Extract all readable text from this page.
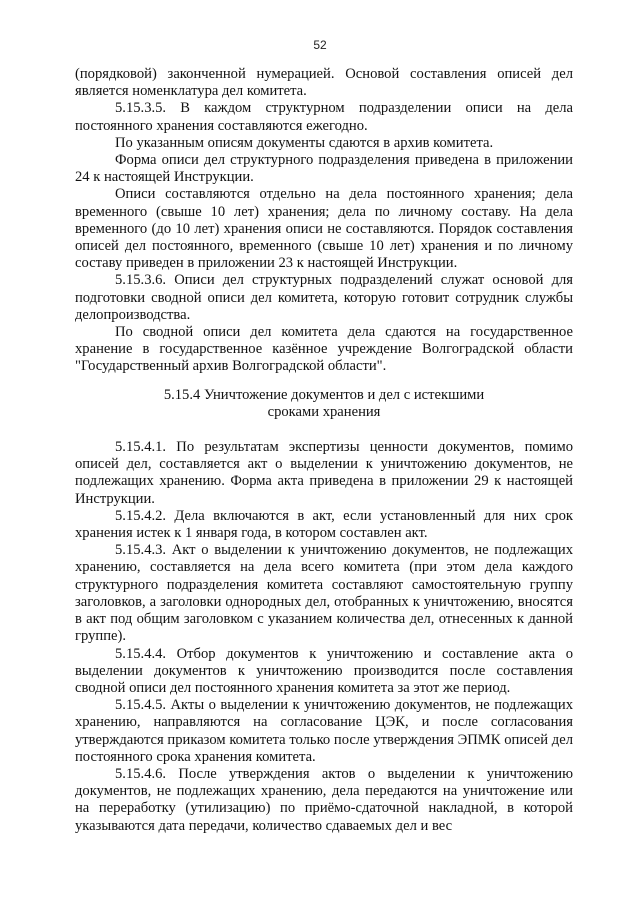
52

(порядковой) законченной нумерацией. Основой составления описей дел является номенклатура дел комитета.

5.15.3.5. В каждом структурном подразделении описи на дела постоянного хранения составляются ежегодно.

По указанным описям документы сдаются в архив комитета.

Форма описи дел структурного подразделения приведена в приложении 24 к настоящей Инструкции.

Описи составляются отдельно на дела постоянного хранения; дела временного (свыше 10 лет) хранения; дела по личному составу. На дела временного (до 10 лет) хранения описи не составляются. Порядок составления описей дел постоянного, временного (свыше 10 лет) хранения и по личному составу приведен в приложении 23 к настоящей Инструкции.

5.15.3.6. Описи дел структурных подразделений служат основой для подготовки сводной описи дел комитета, которую готовит сотрудник службы делопроизводства.

По сводной описи дел комитета дела сдаются на государственное хранение в государственное казённое учреждение Волгоградской области "Государственный архив Волгоградской области".

5.15.4 Уничтожение документов и дел с истекшими
сроками хранения

5.15.4.1. По результатам экспертизы ценности документов, помимо описей дел, составляется акт о выделении к уничтожению документов, не подлежащих хранению. Форма акта приведена в приложении 29 к настоящей Инструкции.

5.15.4.2. Дела включаются в акт, если установленный для них срок хранения истек к 1 января года, в котором составлен акт.

5.15.4.3. Акт о выделении к уничтожению документов, не подлежащих хранению, составляется на дела всего комитета (при этом дела каждого структурного подразделения комитета составляют самостоятельную группу заголовков, а заголовки однородных дел, отобранных к уничтожению, вносятся в акт под общим заголовком с указанием количества дел, отнесенных к данной группе).

5.15.4.4. Отбор документов к уничтожению и составление акта о выделении документов к уничтожению производится после составления сводной описи дел постоянного хранения комитета за этот же период.

5.15.4.5. Акты о выделении к уничтожению документов, не подлежащих хранению, направляются на согласование ЦЭК, и после согласования утверждаются приказом комитета только после утверждения ЭПМК описей дел постоянного срока хранения комитета.

5.15.4.6. После утверждения актов о выделении к уничтожению документов, не подлежащих хранению, дела передаются на уничтожение или на переработку (утилизацию) по приёмо-сдаточной накладной, в которой указываются дата передачи, количество сдаваемых дел и вес
